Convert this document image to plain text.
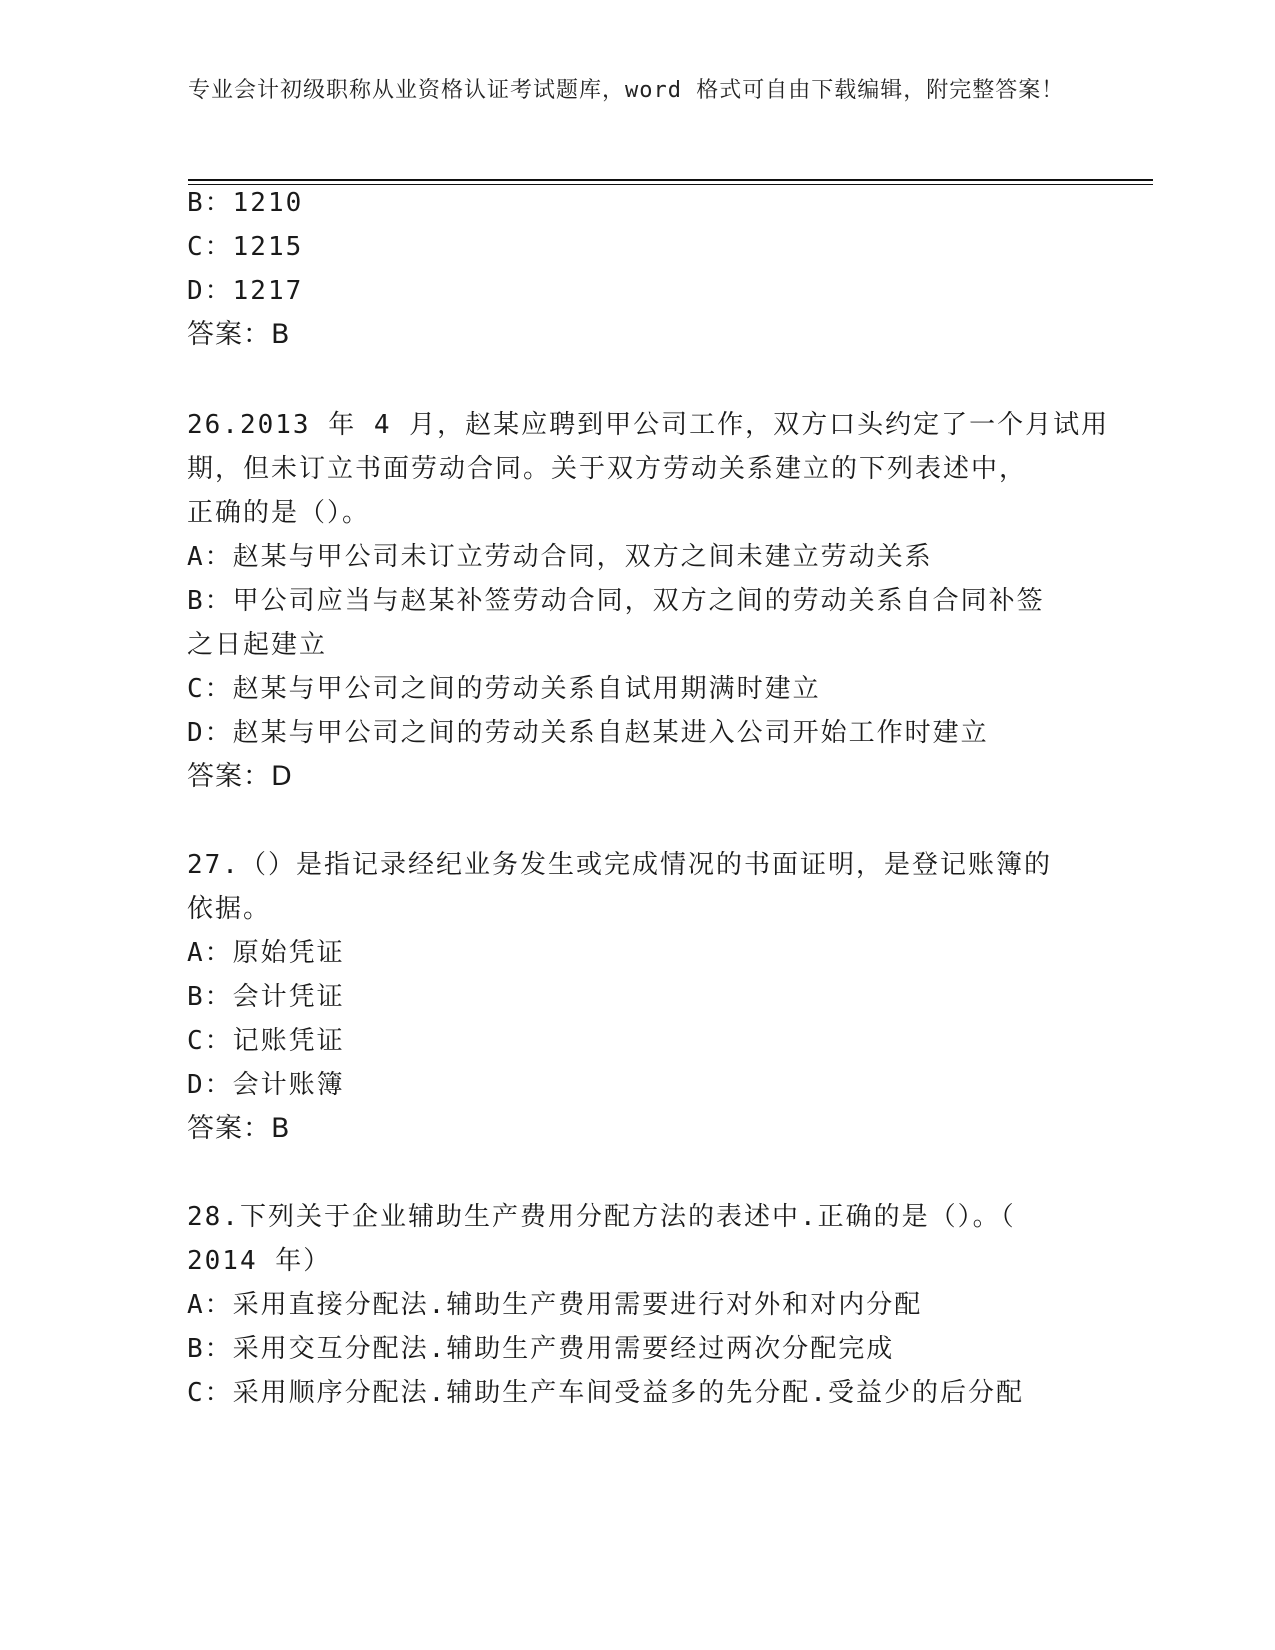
专业会计初级职称从业资格认证考试题库，word 格式可自由下载编辑，附完整答案！
B：1210
C：1215
D：1217
答案：B
26.2013 年 4 月，赵某应聘到甲公司工作，双方口头约定了一个月试用
期，但未订立书面劳动合同。关于双方劳动关系建立的下列表述中，
正确的是（）。
A：赵某与甲公司未订立劳动合同，双方之间未建立劳动关系
B：甲公司应当与赵某补签劳动合同，双方之间的劳动关系自合同补签
之日起建立
C：赵某与甲公司之间的劳动关系自试用期满时建立
D：赵某与甲公司之间的劳动关系自赵某进入公司开始工作时建立
答案：D
27.（）是指记录经纪业务发生或完成情况的书面证明，是登记账簿的
依据。
A：原始凭证
B：会计凭证
C：记账凭证
D：会计账簿
答案：B
28.下列关于企业辅助生产费用分配方法的表述中.正确的是（）。（
2014 年）
A：采用直接分配法.辅助生产费用需要进行对外和对内分配
B：采用交互分配法.辅助生产费用需要经过两次分配完成
C：采用顺序分配法.辅助生产车间受益多的先分配.受益少的后分配
